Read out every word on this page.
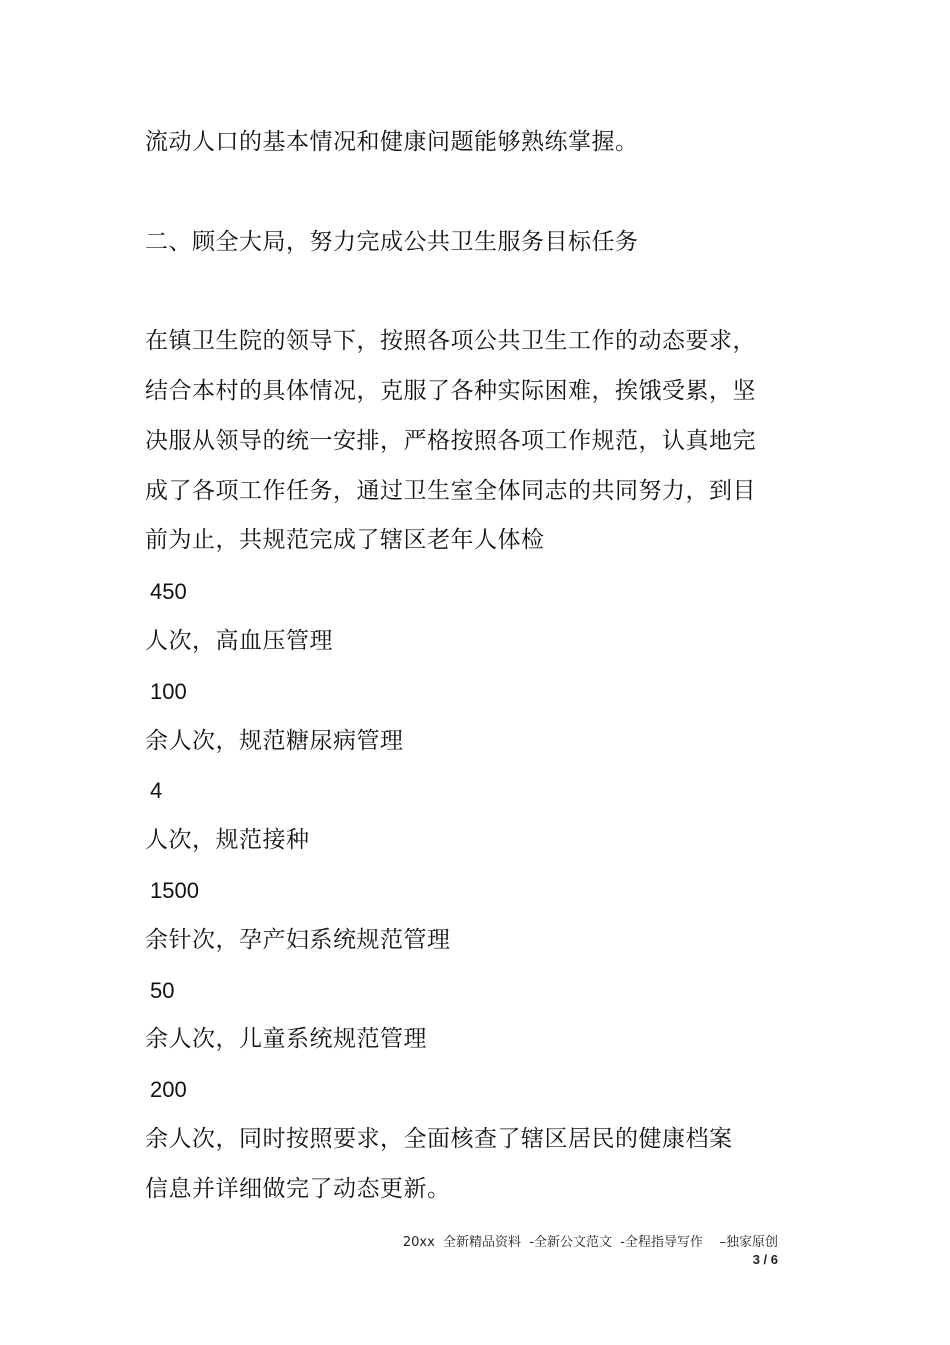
流动人口的基本情况和健康问题能够熟练掌握。
二、顾全大局，努力完成公共卫生服务目标任务
在镇卫生院的领导下，按照各项公共卫生工作的动态要求，
结合本村的具体情况，克服了各种实际困难，挨饿受累，坚
决服从领导的统一安排，严格按照各项工作规范，认真地完
成了各项工作任务，通过卫生室全体同志的共同努力，到目
前为止，共规范完成了辖区老年人体检
450
人次，高血压管理
100
余人次，规范糖尿病管理
4
人次，规范接种
1500
余针次，孕产妇系统规范管理
50
余人次，儿童系统规范管理
200
余人次，同时按照要求，全面核查了辖区居民的健康档案
信息并详细做完了动态更新。
20xx  全新精品资料  -全新公文范文  -全程指导写作    –独家原创
3 / 6
